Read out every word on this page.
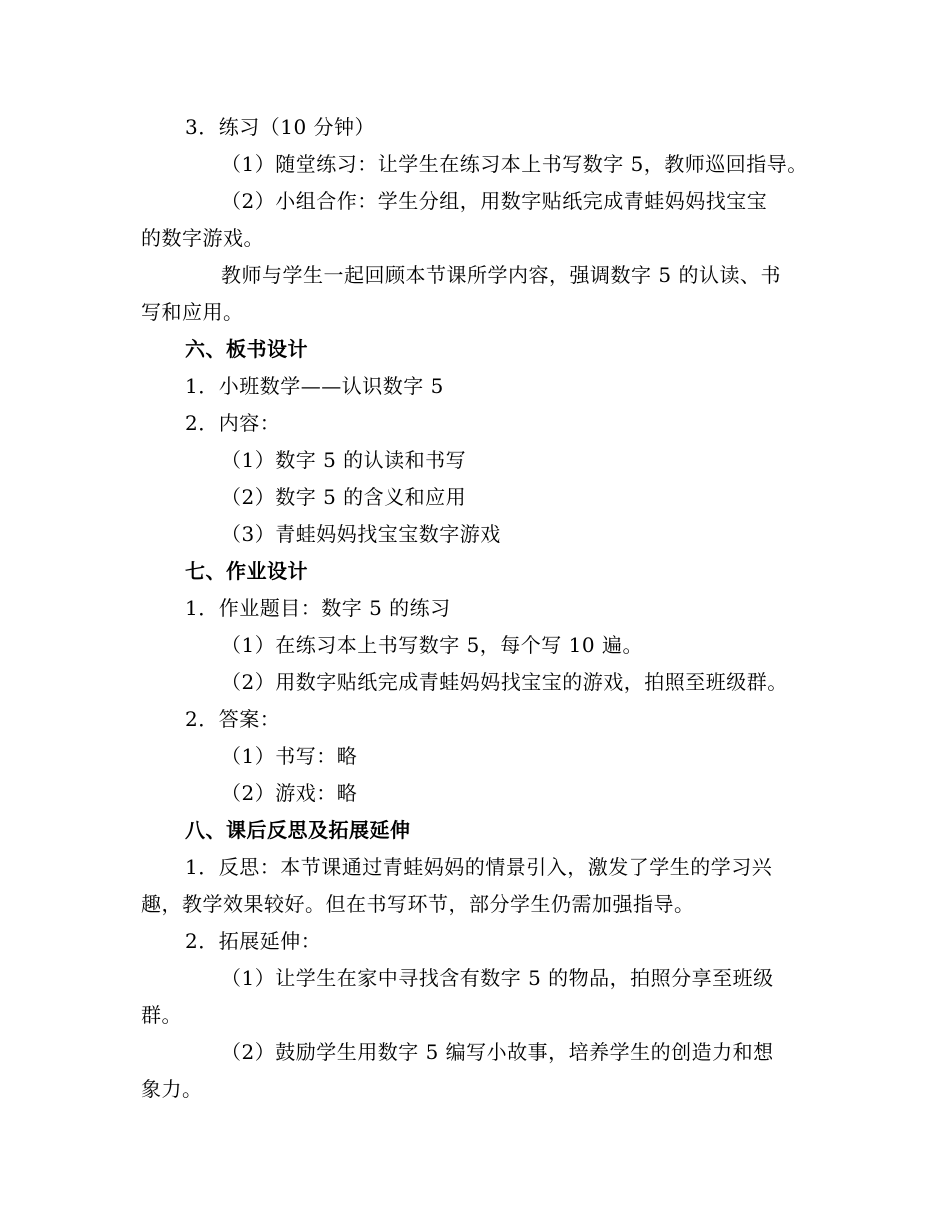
3．练习（10 分钟）
（1）随堂练习：让学生在练习本上书写数字 5，教师巡回指导。
（2）小组合作：学生分组，用数字贴纸完成青蛙妈妈找宝宝
的数字游戏。
教师与学生一起回顾本节课所学内容，强调数字 5 的认读、书
写和应用。
六、板书设计
1．小班数学——认识数字 5
2．内容：
（1）数字 5 的认读和书写
（2）数字 5 的含义和应用
（3）青蛙妈妈找宝宝数字游戏
七、作业设计
1．作业题目：数字 5 的练习
（1）在练习本上书写数字 5，每个写 10 遍。
（2）用数字贴纸完成青蛙妈妈找宝宝的游戏，拍照至班级群。
2．答案：
（1）书写：略
（2）游戏：略
八、课后反思及拓展延伸
1．反思：本节课通过青蛙妈妈的情景引入，激发了学生的学习兴
趣，教学效果较好。但在书写环节，部分学生仍需加强指导。
2．拓展延伸：
（1）让学生在家中寻找含有数字 5 的物品，拍照分享至班级
群。
（2）鼓励学生用数字 5 编写小故事，培养学生的创造力和想
象力。
